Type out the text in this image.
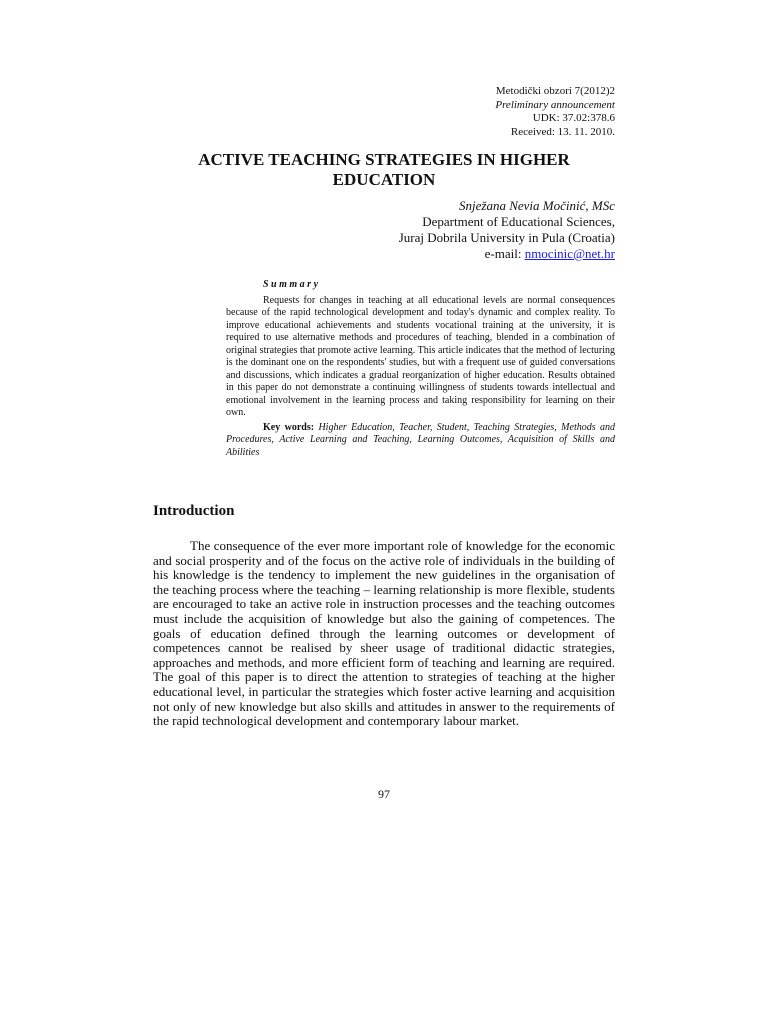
Metodički obzori 7(2012)2
Preliminary announcement
UDK: 37.02:378.6
Received: 13. 11. 2010.
ACTIVE TEACHING STRATEGIES IN HIGHER EDUCATION
Snježana Nevia Močinić, MSc
Department of Educational Sciences,
Juraj Dobrila University in Pula (Croatia)
e-mail: nmocinic@net.hr
Summary

Requests for changes in teaching at all educational levels are normal consequences because of the rapid technological development and today's dynamic and complex reality. To improve educational achievements and students vocational training at the university, it is required to use alternative methods and procedures of teaching, blended in a combination of original strategies that promote active learning. This article indicates that the method of lecturing is the dominant one on the respondents' studies, but with a frequent use of guided conversations and discussions, which indicates a gradual reorganization of higher education. Results obtained in this paper do not demonstrate a continuing willingness of students towards intellectual and emotional involvement in the learning process and taking responsibility for learning on their own.

Key words: Higher Education, Teacher, Student, Teaching Strategies, Methods and Procedures, Active Learning and Teaching, Learning Outcomes, Acquisition of Skills and Abilities

Introduction

The consequence of the ever more important role of knowledge for the economic and social prosperity and of the focus on the active role of individuals in the building of his knowledge is the tendency to implement the new guidelines in the organisation of the teaching process where the teaching – learning relationship is more flexible, students are encouraged to take an active role in instruction processes and the teaching outcomes must include the acquisition of knowledge but also the gaining of competences. The goals of education defined through the learning outcomes or development of competences cannot be realised by sheer usage of traditional didactic strategies, approaches and methods, and more efficient form of teaching and learning are required. The goal of this paper is to direct the attention to strategies of teaching at the higher educational level, in particular the strategies which foster active learning and acquisition not only of new knowledge but also skills and attitudes in answer to the requirements of the rapid technological development and contemporary labour market.

97
